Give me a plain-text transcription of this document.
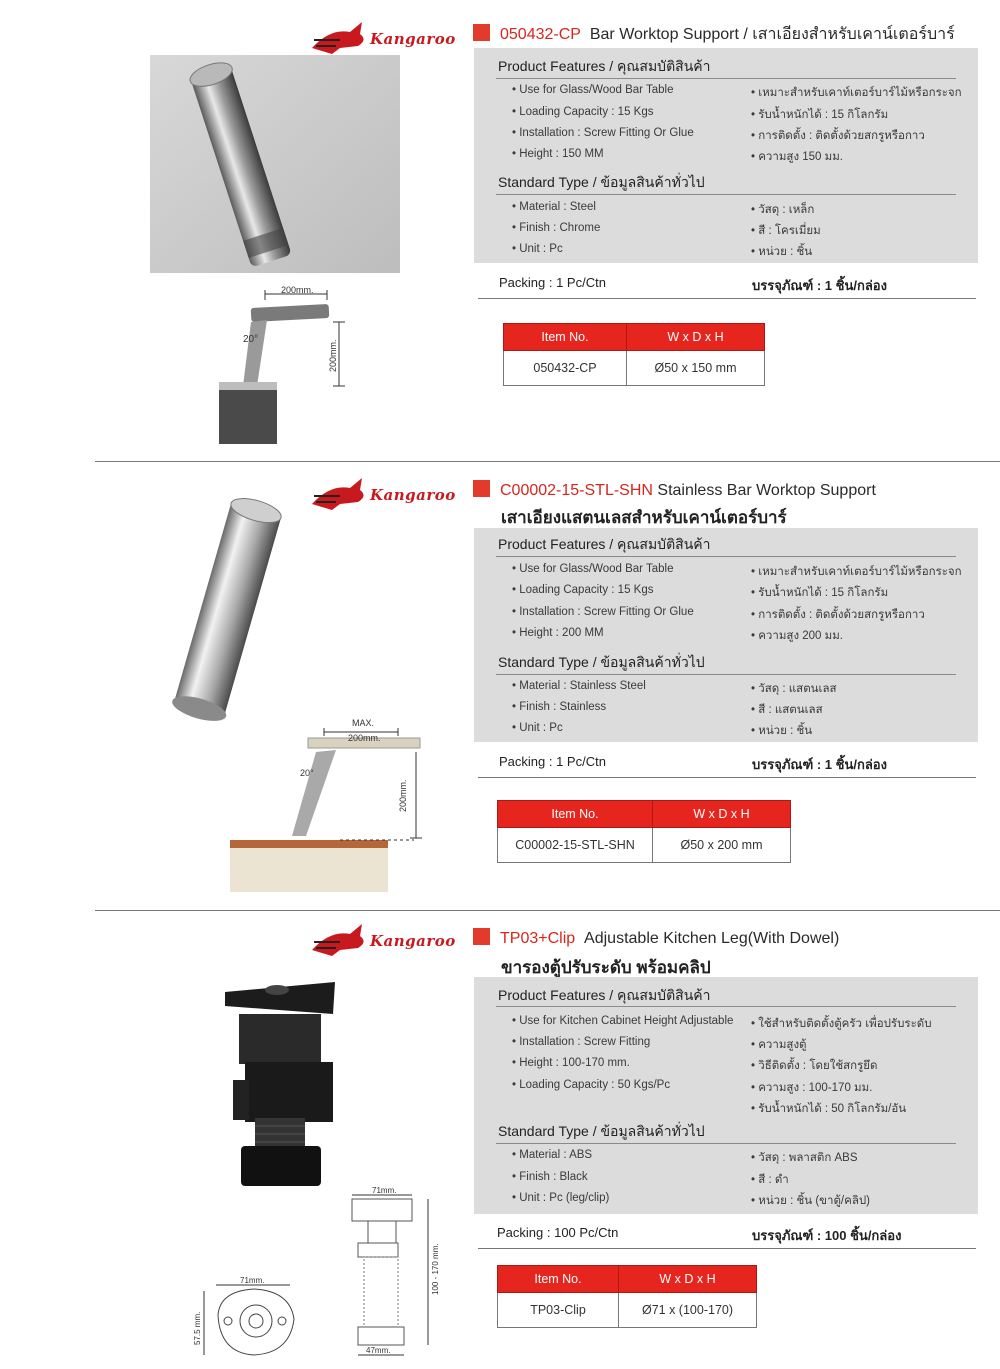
Kangaroo	050432-CP Bar Worktop Support / เสาเอียงสำหรับเคาน์เตอร์บาร์
Product Features / คุณสมบัติสินค้า
• Use for Glass/Wood Bar Table
• Loading Capacity : 15 Kgs
• Installation : Screw Fitting Or Glue
• Height : 150 MM
• เหมาะสำหรับเคาท์เตอร์บาร์ไม้หรือกระจก
• รับน้ำหนักได้ : 15 กิโลกรัม
• การติดตั้ง : ติดตั้งด้วยสกรูหรือกาว
• ความสูง 150 มม.
Standard Type / ข้อมูลสินค้าทั่วไป
• Material : Steel
• Finish : Chrome
• Unit : Pc
• วัสดุ : เหล็ก
• สี : โครเมี่ยม
• หน่วย : ชิ้น
Packing : 1 Pc/Ctn	บรรจุภัณฑ์ : 1 ชิ้น/กล่อง
Item No.	W x D x H
050432-CP	Ø50 x 150 mm
200mm.
20°	200mm.
Kangaroo	C00002-15-STL-SHN Stainless Bar Worktop Support
เสาเอียงแสตนเลสสำหรับเคาน์เตอร์บาร์
Product Features / คุณสมบัติสินค้า
• Use for Glass/Wood Bar Table
• Loading Capacity : 15 Kgs
• Installation : Screw Fitting Or Glue
• Height : 200 MM
• เหมาะสำหรับเคาท์เตอร์บาร์ไม้หรือกระจก
• รับน้ำหนักได้ : 15 กิโลกรัม
• การติดตั้ง : ติดตั้งด้วยสกรูหรือกาว
• ความสูง 200 มม.
Standard Type / ข้อมูลสินค้าทั่วไป
• Material : Stainless Steel
• Finish : Stainless
• Unit : Pc
• วัสดุ : แสตนเลส
• สี : แสตนเลส
• หน่วย : ชิ้น
Packing : 1 Pc/Ctn	บรรจุภัณฑ์ : 1 ชิ้น/กล่อง
Item No.	W x D x H
C00002-15-STL-SHN	Ø50 x 200 mm
MAX.
200mm.
20°
200mm.
Kangaroo	TP03+Clip Adjustable Kitchen Leg(With Dowel)
ขารองตู้ปรับระดับ พร้อมคลิป
Product Features / คุณสมบัติสินค้า
• Use for Kitchen Cabinet Height Adjustable
• Installation : Screw Fitting
• Height : 100-170 mm.
• Loading Capacity : 50 Kgs/Pc
• ใช้สำหรับติดตั้งตู้ครัว เพื่อปรับระดับ
• ความสูงตู้
• วิธีติดตั้ง : โดยใช้สกรูยึด
• ความสูง : 100-170 มม.
• รับน้ำหนักได้ : 50 กิโลกรัม/อัน
Standard Type / ข้อมูลสินค้าทั่วไป
• Material : ABS
• Finish : Black
• Unit : Pc (leg/clip)
• วัสดุ : พลาสติก ABS
• สี : ดำ
• หน่วย : ชิ้น (ขาตู้/คลิป)
Packing : 100 Pc/Ctn	บรรจุภัณฑ์ : 100 ชิ้น/กล่อง
Item No.	W x D x H
TP03-Clip	Ø71 x (100-170)
71mm.
100 - 170 mm.
47mm.
71mm.
57.5 mm.
